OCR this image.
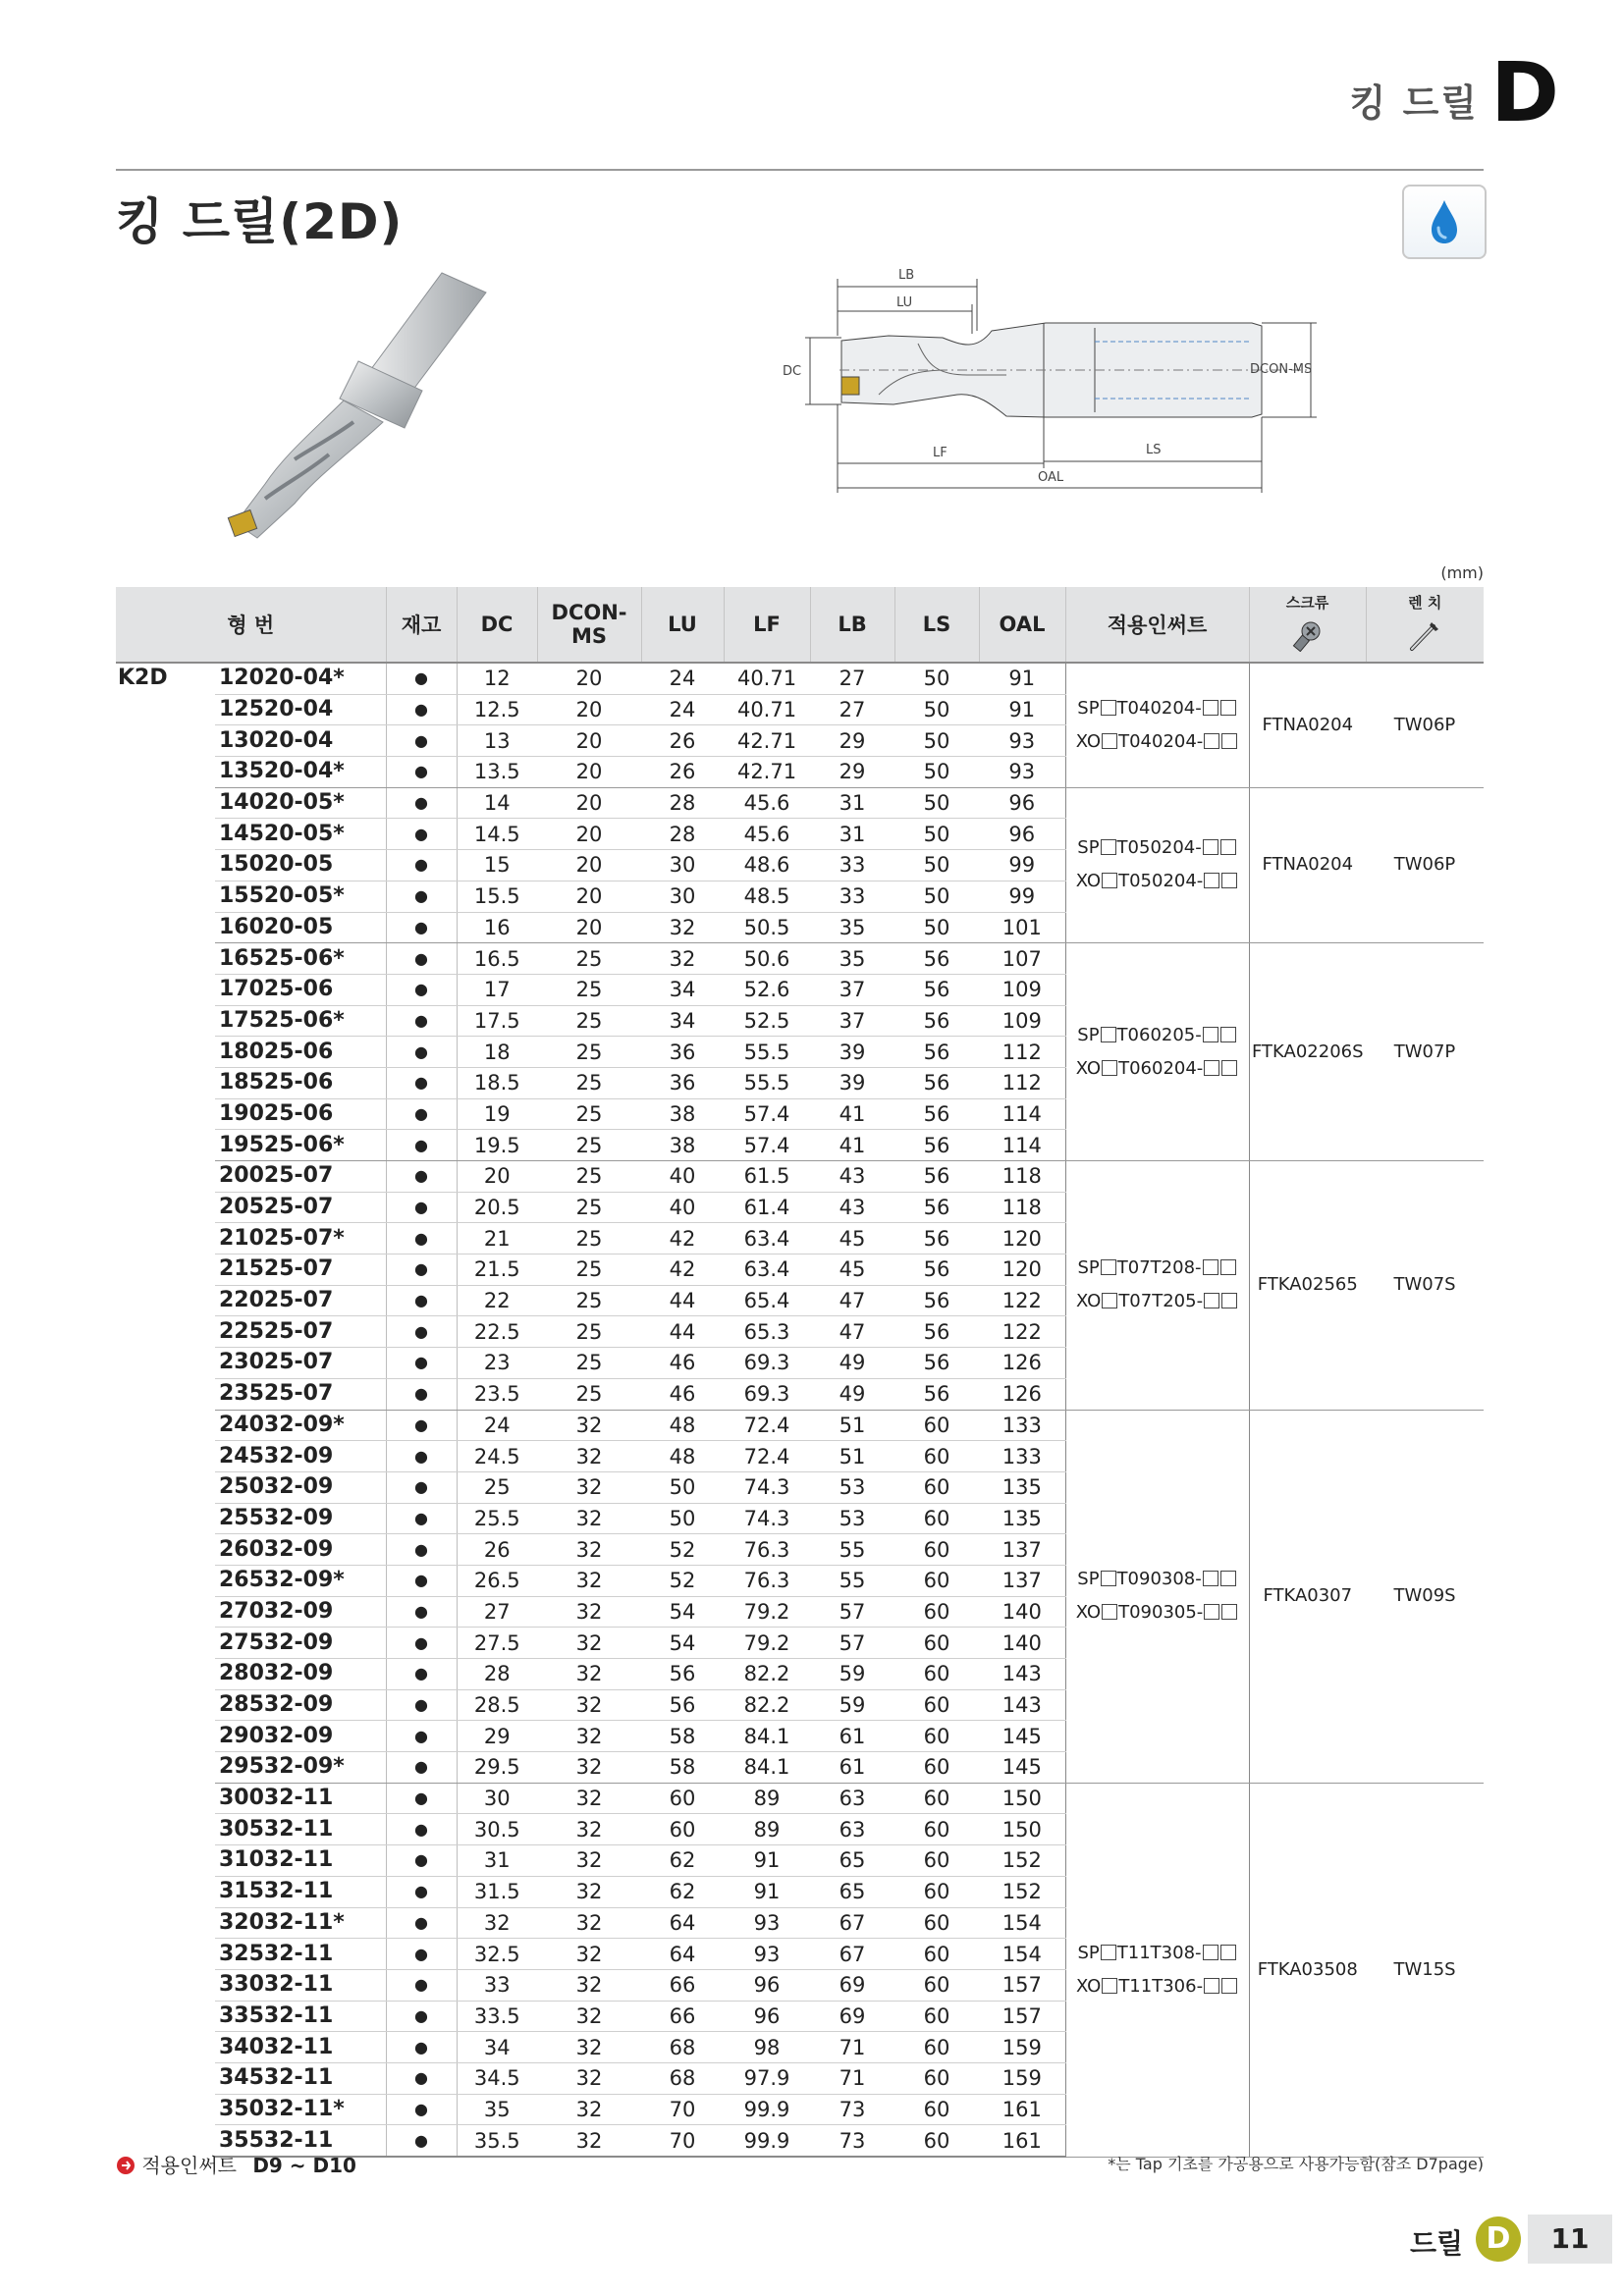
킹 드릴 D
킹 드릴(2D)
LB
LU
DC	DCON-MS
LF	LS
OAL
(mm)
형 번		재고	DC	DCON-MS	LU	LF	LB	LS	OAL	적용인써트	스크류	렌 치

K2D	12020-04*	●	12	20	24	40.71	27	50	91	SP T040204-
XO T040204-	FTNA0204	TW06P
	12520-04	●	12.5	20	24	40.71	27	50	91			
	13020-04	●	13	20	26	42.71	29	50	93			
	13520-04*	●	13.5	20	26	42.71	29	50	93			
	14020-05*	●	14	20	28	45.6	31	50	96	SP T050204-
XO T050204-	FTNA0204	TW06P
	14520-05*	●	14.5	20	28	45.6	31	50	96			
	15020-05	●	15	20	30	48.6	33	50	99			
	15520-05*	●	15.5	20	30	48.5	33	50	99			
	16020-05	●	16	20	32	50.5	35	50	101			
	16525-06*	●	16.5	25	32	50.6	35	56	107	SP T060205-
XO T060204-	FTKA02206S	TW07P
	17025-06	●	17	25	34	52.6	37	56	109			
	17525-06*	●	17.5	25	34	52.5	37	56	109			
	18025-06	●	18	25	36	55.5	39	56	112			
	18525-06	●	18.5	25	36	55.5	39	56	112			
	19025-06	●	19	25	38	57.4	41	56	114			
	19525-06*	●	19.5	25	38	57.4	41	56	114			
	20025-07	●	20	25	40	61.5	43	56	118	SP T07T208-
XO T07T205-	FTKA02565	TW07S
	20525-07	●	20.5	25	40	61.4	43	56	118			
	21025-07*	●	21	25	42	63.4	45	56	120			
	21525-07	●	21.5	25	42	63.4	45	56	120			
	22025-07	●	22	25	44	65.4	47	56	122			
	22525-07	●	22.5	25	44	65.3	47	56	122			
	23025-07	●	23	25	46	69.3	49	56	126			
	23525-07	●	23.5	25	46	69.3	49	56	126			
	24032-09*	●	24	32	48	72.4	51	60	133	SP T090308-
XO T090305-	FTKA0307	TW09S
	24532-09	●	24.5	32	48	72.4	51	60	133			
	25032-09	●	25	32	50	74.3	53	60	135			
	25532-09	●	25.5	32	50	74.3	53	60	135			
	26032-09	●	26	32	52	76.3	55	60	137			
	26532-09*	●	26.5	32	52	76.3	55	60	137			
	27032-09	●	27	32	54	79.2	57	60	140			
	27532-09	●	27.5	32	54	79.2	57	60	140			
	28032-09	●	28	32	56	82.2	59	60	143			
	28532-09	●	28.5	32	56	82.2	59	60	143			
	29032-09	●	29	32	58	84.1	61	60	145			
	29532-09*	●	29.5	32	58	84.1	61	60	145			
	30032-11	●	30	32	60	89	63	60	150	SP T11T308-
XO T11T306-	FTKA03508	TW15S
	30532-11	●	30.5	32	60	89	63	60	150			
	31032-11	●	31	32	62	91	65	60	152			
	31532-11	●	31.5	32	62	91	65	60	152			
	32032-11*	●	32	32	64	93	67	60	154			
	32532-11	●	32.5	32	64	93	67	60	154			
	33032-11	●	33	32	66	96	69	60	157			
	33532-11	●	33.5	32	66	96	69	60	157			
	34032-11	●	34	32	68	98	71	60	159			
	34532-11	●	34.5	32	68	97.9	71	60	159			
	35032-11*	●	35	32	70	99.9	73	60	161			
	35532-11	●	35.5	32	70	99.9	73	60	161			
적용인써트 D9 ~ D10	*는 Tap 기초를 가공용으로 사용가능함(참조 D7page)
드릴 D	11
